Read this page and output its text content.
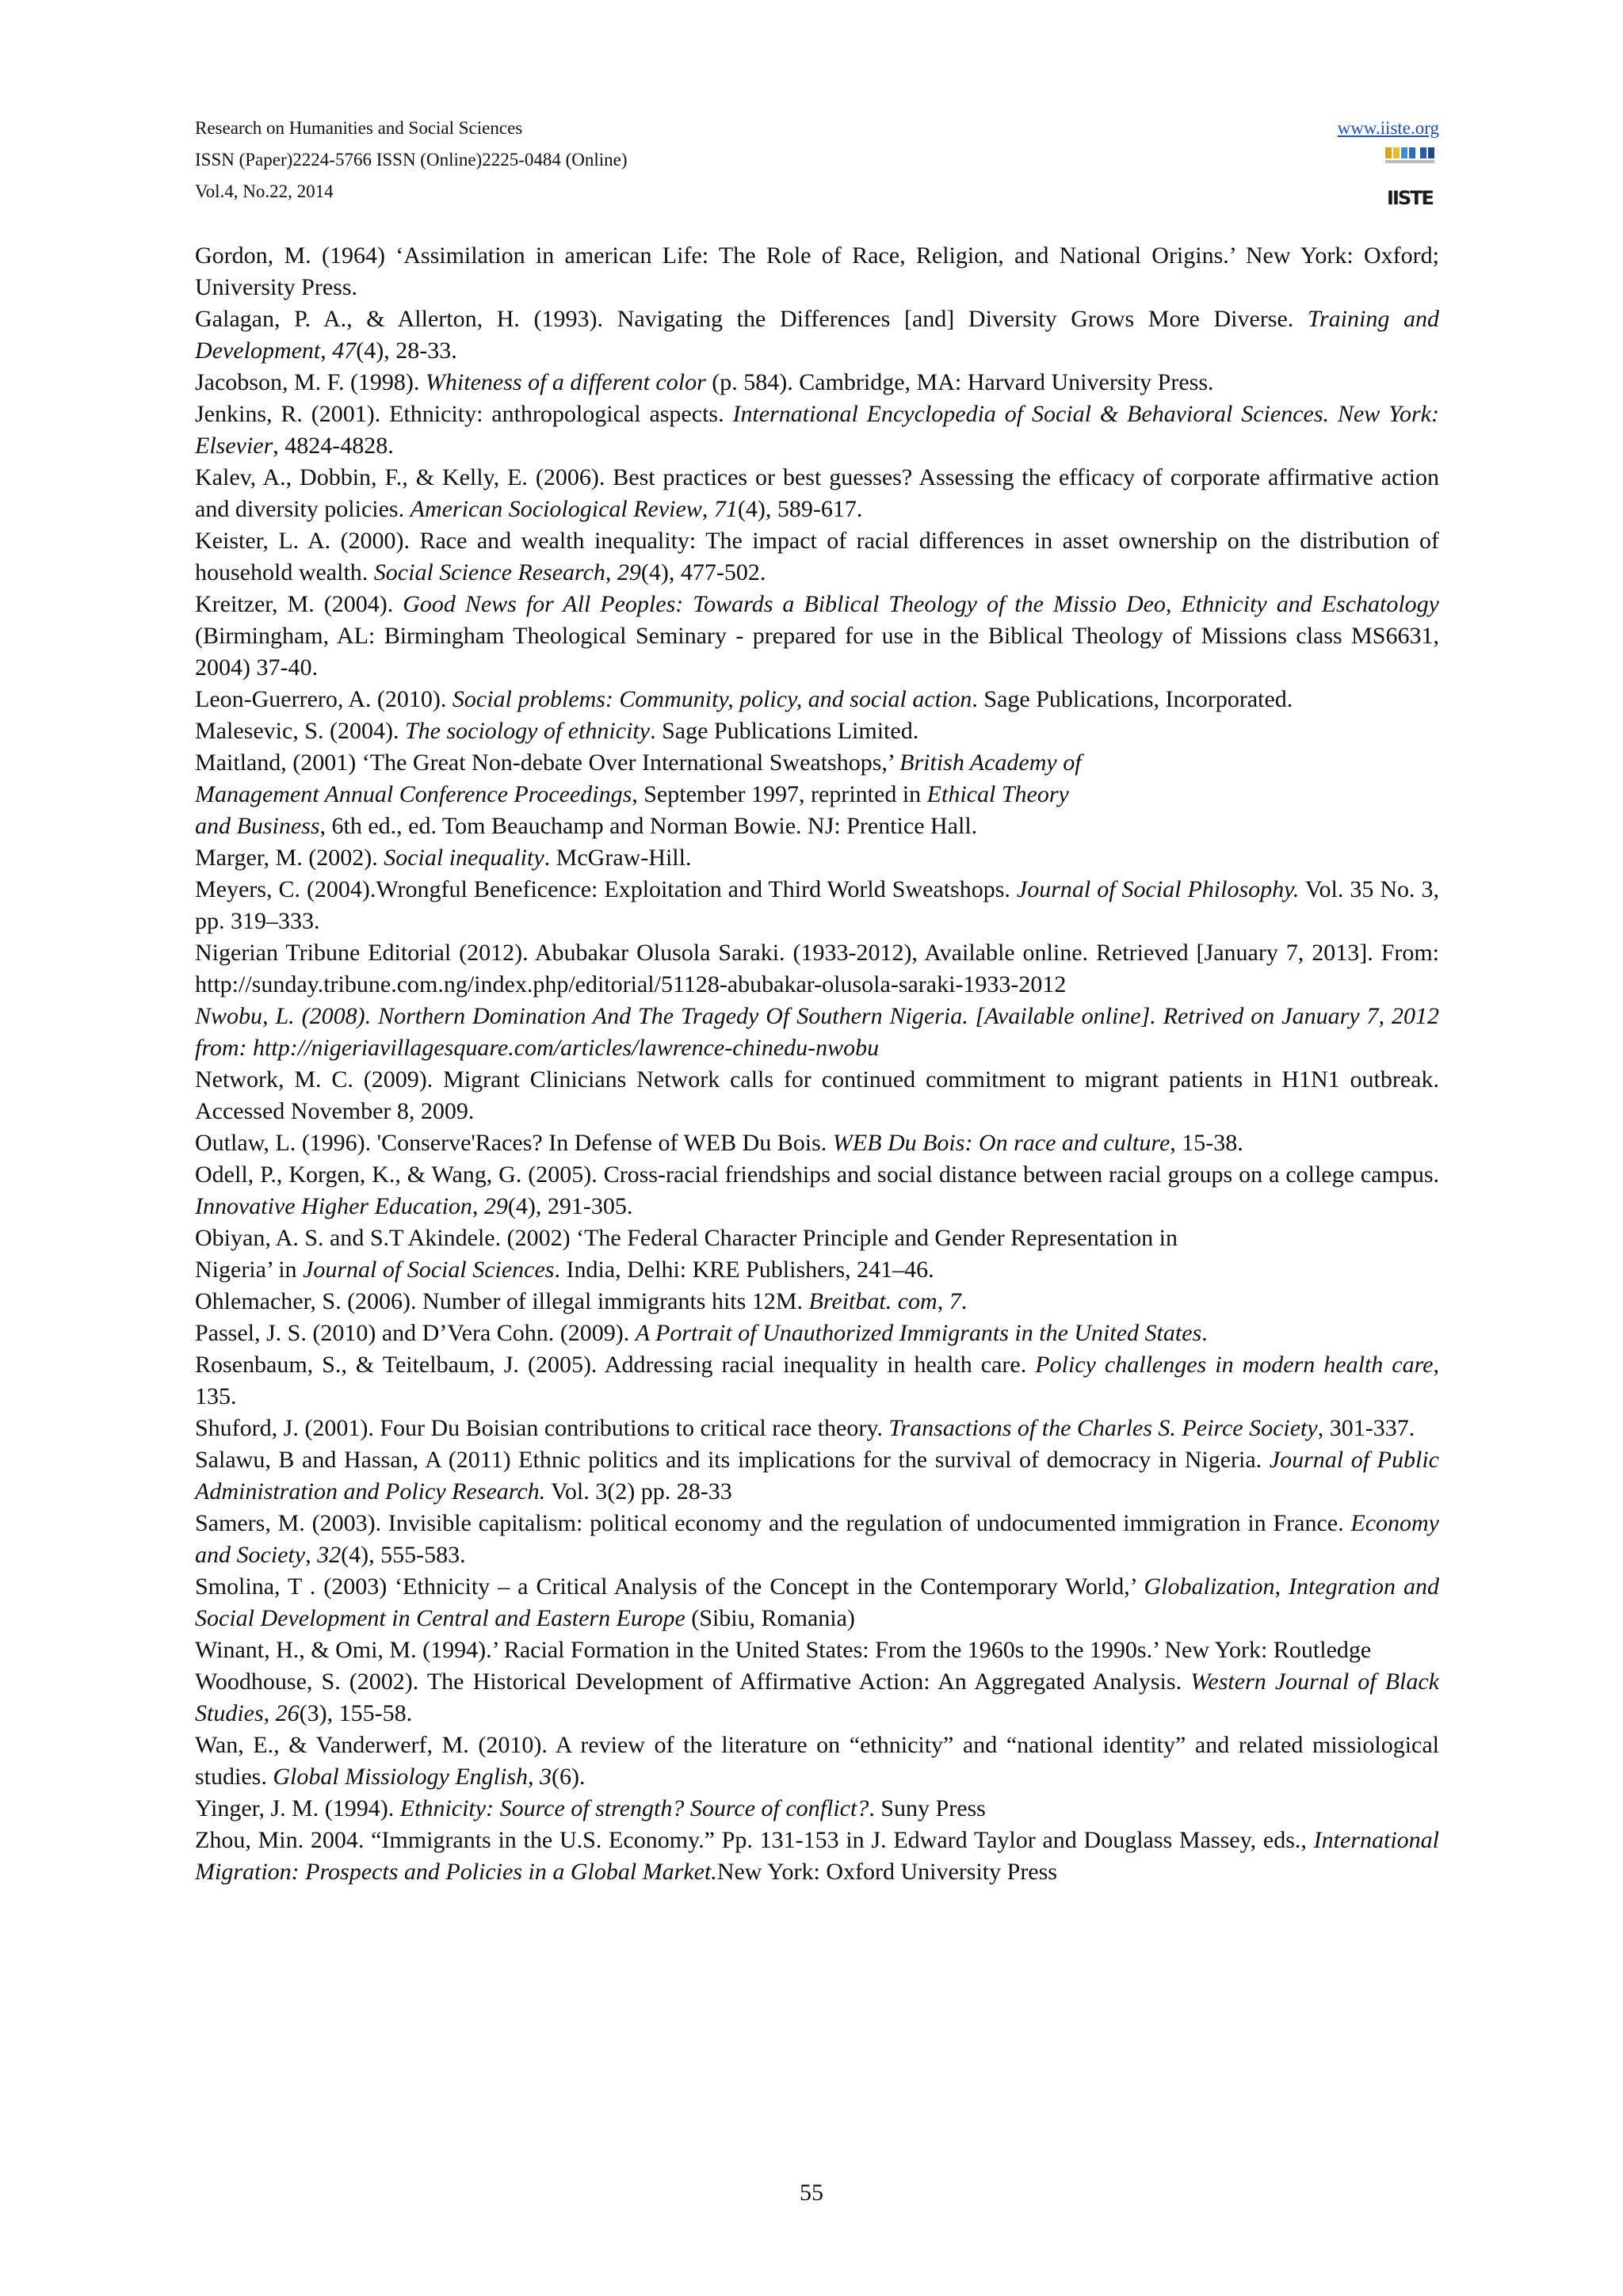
Research on Humanities and Social Sciences
ISSN (Paper)2224-5766 ISSN (Online)2225-0484 (Online)
Vol.4, No.22, 2014
www.iiste.org
IISTE

Gordon, M. (1964) ‘Assimilation in american Life: The Role of Race, Religion, and National Origins.’ New York: Oxford; University Press.

Galagan, P. A., & Allerton, H. (1993). Navigating the Differences [and] Diversity Grows More Diverse. Training and Development, 47(4), 28-33.

Jacobson, M. F. (1998). Whiteness of a different color (p. 584). Cambridge, MA: Harvard University Press.

Jenkins, R. (2001). Ethnicity: anthropological aspects. International Encyclopedia of Social & Behavioral Sciences. New York: Elsevier, 4824-4828.

Kalev, A., Dobbin, F., & Kelly, E. (2006). Best practices or best guesses? Assessing the efficacy of corporate affirmative action and diversity policies. American Sociological Review, 71(4), 589-617.

Keister, L. A. (2000). Race and wealth inequality: The impact of racial differences in asset ownership on the distribution of household wealth. Social Science Research, 29(4), 477-502.

Kreitzer, M. (2004). Good News for All Peoples: Towards a Biblical Theology of the Missio Deo, Ethnicity and Eschatology (Birmingham, AL: Birmingham Theological Seminary - prepared for use in the Biblical Theology of Missions class MS6631, 2004) 37-40.

Leon-Guerrero, A. (2010). Social problems: Community, policy, and social action. Sage Publications, Incorporated.

Malesevic, S. (2004). The sociology of ethnicity. Sage Publications Limited.

Maitland, (2001) ‘The Great Non-debate Over International Sweatshops,’ British Academy of
Management Annual Conference Proceedings, September 1997, reprinted in Ethical Theory
and Business, 6th ed., ed. Tom Beauchamp and Norman Bowie. NJ: Prentice Hall.

Marger, M. (2002). Social inequality. McGraw-Hill.

Meyers, C. (2004).Wrongful Beneficence: Exploitation and Third World Sweatshops. Journal of Social Philosophy. Vol. 35 No. 3, pp. 319–333.

Nigerian Tribune Editorial (2012). Abubakar Olusola Saraki. (1933-2012), Available online. Retrieved [January 7, 2013]. From: http://sunday.tribune.com.ng/index.php/editorial/51128-abubakar-olusola-saraki-1933-2012

Nwobu, L. (2008). Northern Domination And The Tragedy Of Southern Nigeria. [Available online]. Retrived on January 7, 2012 from: http://nigeriavillagesquare.com/articles/lawrence-chinedu-nwobu

Network, M. C. (2009). Migrant Clinicians Network calls for continued commitment to migrant patients in H1N1 outbreak. Accessed November 8, 2009.

Outlaw, L. (1996). 'Conserve'Races? In Defense of WEB Du Bois. WEB Du Bois: On race and culture, 15-38.

Odell, P., Korgen, K., & Wang, G. (2005). Cross-racial friendships and social distance between racial groups on a college campus. Innovative Higher Education, 29(4), 291-305.

Obiyan, A. S. and S.T Akindele. (2002) ‘The Federal Character Principle and Gender Representation in
Nigeria’ in Journal of Social Sciences. India, Delhi: KRE Publishers, 241–46.

Ohlemacher, S. (2006). Number of illegal immigrants hits 12M. Breitbat. com, 7.

Passel, J. S. (2010) and D’Vera Cohn. (2009). A Portrait of Unauthorized Immigrants in the United States.

Rosenbaum, S., & Teitelbaum, J. (2005). Addressing racial inequality in health care. Policy challenges in modern health care, 135.

Shuford, J. (2001). Four Du Boisian contributions to critical race theory. Transactions of the Charles S. Peirce Society, 301-337.

Salawu, B and Hassan, A (2011) Ethnic politics and its implications for the survival of democracy in Nigeria. Journal of Public Administration and Policy Research. Vol. 3(2) pp. 28-33

Samers, M. (2003). Invisible capitalism: political economy and the regulation of undocumented immigration in France. Economy and Society, 32(4), 555-583.

Smolina, T . (2003) ‘Ethnicity – a Critical Analysis of the Concept in the Contemporary World,’ Globalization, Integration and Social Development in Central and Eastern Europe (Sibiu, Romania)

Winant, H., & Omi, M. (1994).’ Racial Formation in the United States: From the 1960s to the 1990s.’ New York: Routledge

Woodhouse, S. (2002). The Historical Development of Affirmative Action: An Aggregated Analysis. Western Journal of Black Studies, 26(3), 155-58.

Wan, E., & Vanderwerf, M. (2010). A review of the literature on “ethnicity” and “national identity” and related missiological studies. Global Missiology English, 3(6).

Yinger, J. M. (1994). Ethnicity: Source of strength? Source of conflict?. Suny Press

Zhou, Min. 2004. “Immigrants in the U.S. Economy.” Pp. 131-153 in J. Edward Taylor and Douglass Massey, eds., International Migration: Prospects and Policies in a Global Market.New York: Oxford University Press

55
